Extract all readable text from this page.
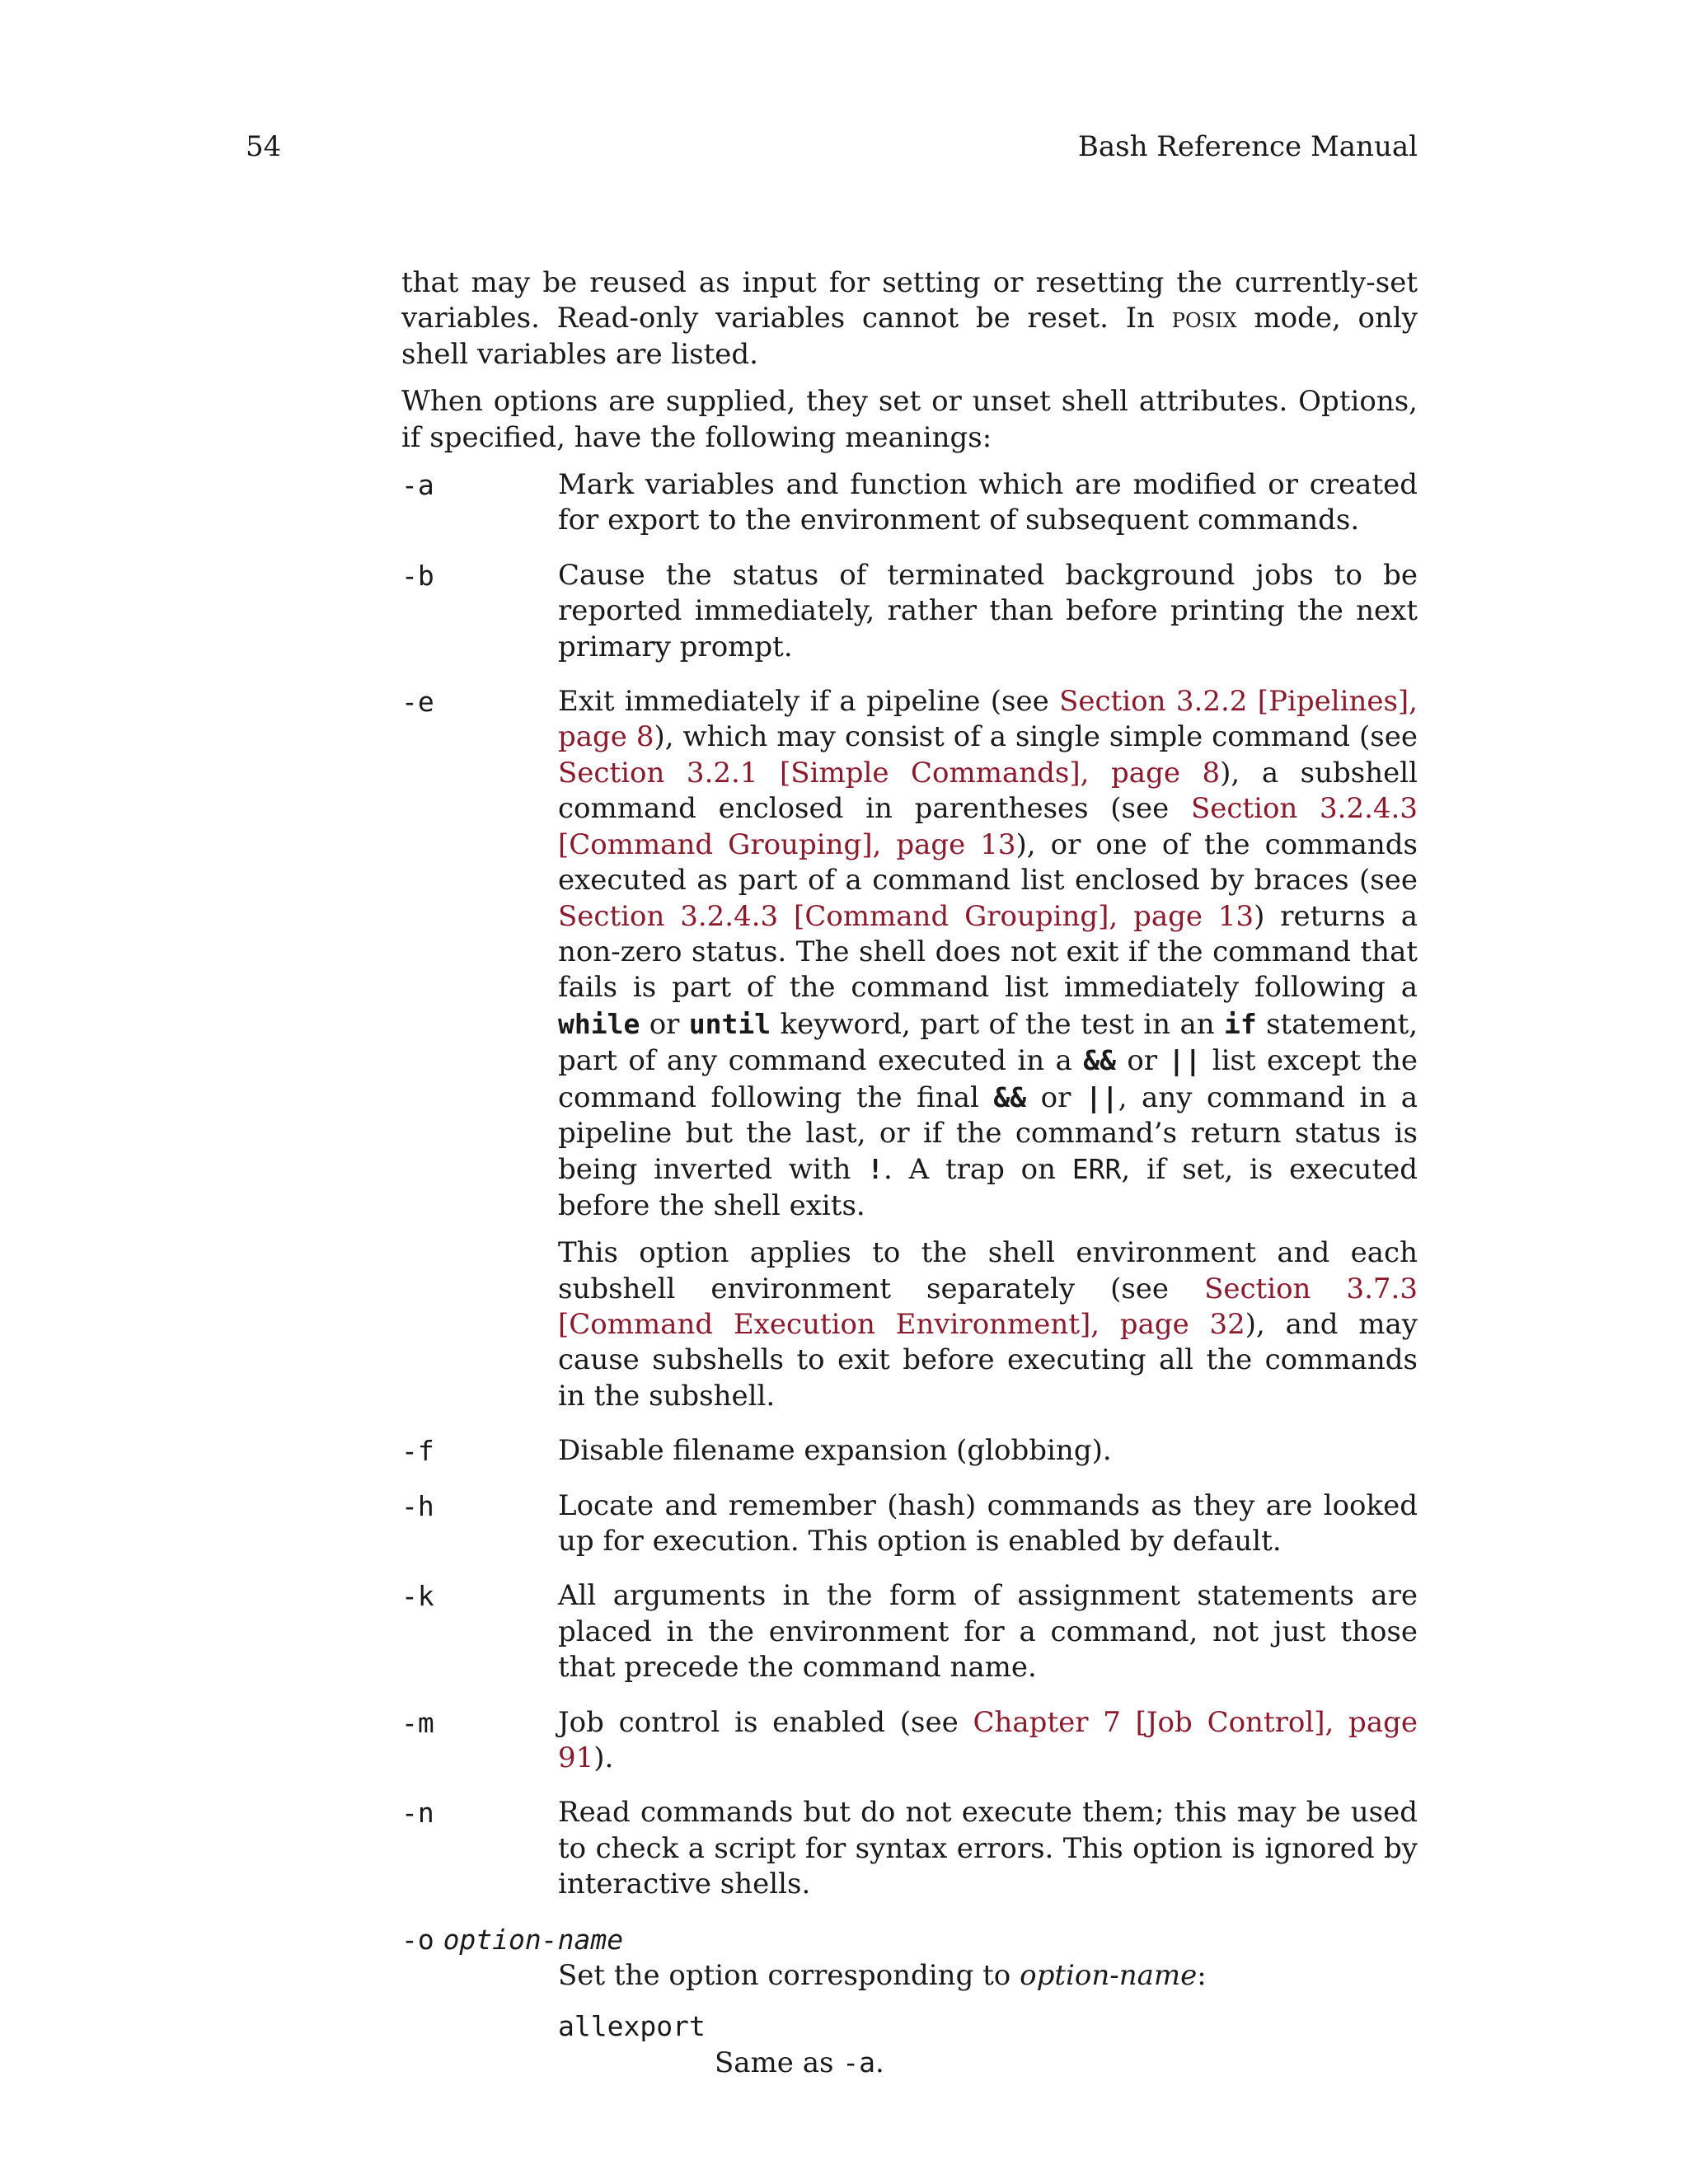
54	Bash Reference Manual

that may be reused as input for setting or resetting the currently-set variables. Read-only variables cannot be reset. In posix mode, only shell variables are listed.

When options are supplied, they set or unset shell attributes. Options, if specified, have the following meanings:

-a	Mark variables and function which are modified or created for export to the environment of subsequent commands.

-b	Cause the status of terminated background jobs to be reported immediately, rather than before printing the next primary prompt.

-e	Exit immediately if a pipeline (see Section 3.2.2 [Pipelines], page 8), which may consist of a single simple command (see Section 3.2.1 [Simple Commands], page 8), a subshell command enclosed in parentheses (see Section 3.2.4.3 [Command Grouping], page 13), or one of the commands executed as part of a command list enclosed by braces (see Section 3.2.4.3 [Command Grouping], page 13) returns a non-zero status. The shell does not exit if the command that fails is part of the command list immediately following a while or until keyword, part of the test in an if statement, part of any command executed in a && or || list except the command following the final && or ||, any command in a pipeline but the last, or if the command’s return status is being inverted with !. A trap on ERR, if set, is executed before the shell exits.

This option applies to the shell environment and each subshell environment separately (see Section 3.7.3 [Command Execution Environment], page 32), and may cause subshells to exit before executing all the commands in the subshell.

-f	Disable filename expansion (globbing).

-h	Locate and remember (hash) commands as they are looked up for execution. This option is enabled by default.

-k	All arguments in the form of assignment statements are placed in the environment for a command, not just those that precede the command name.

-m	Job control is enabled (see Chapter 7 [Job Control], page 91).

-n	Read commands but do not execute them; this may be used to check a script for syntax errors. This option is ignored by interactive shells.

-o option-name
Set the option corresponding to option-name:
allexport
Same as -a.
